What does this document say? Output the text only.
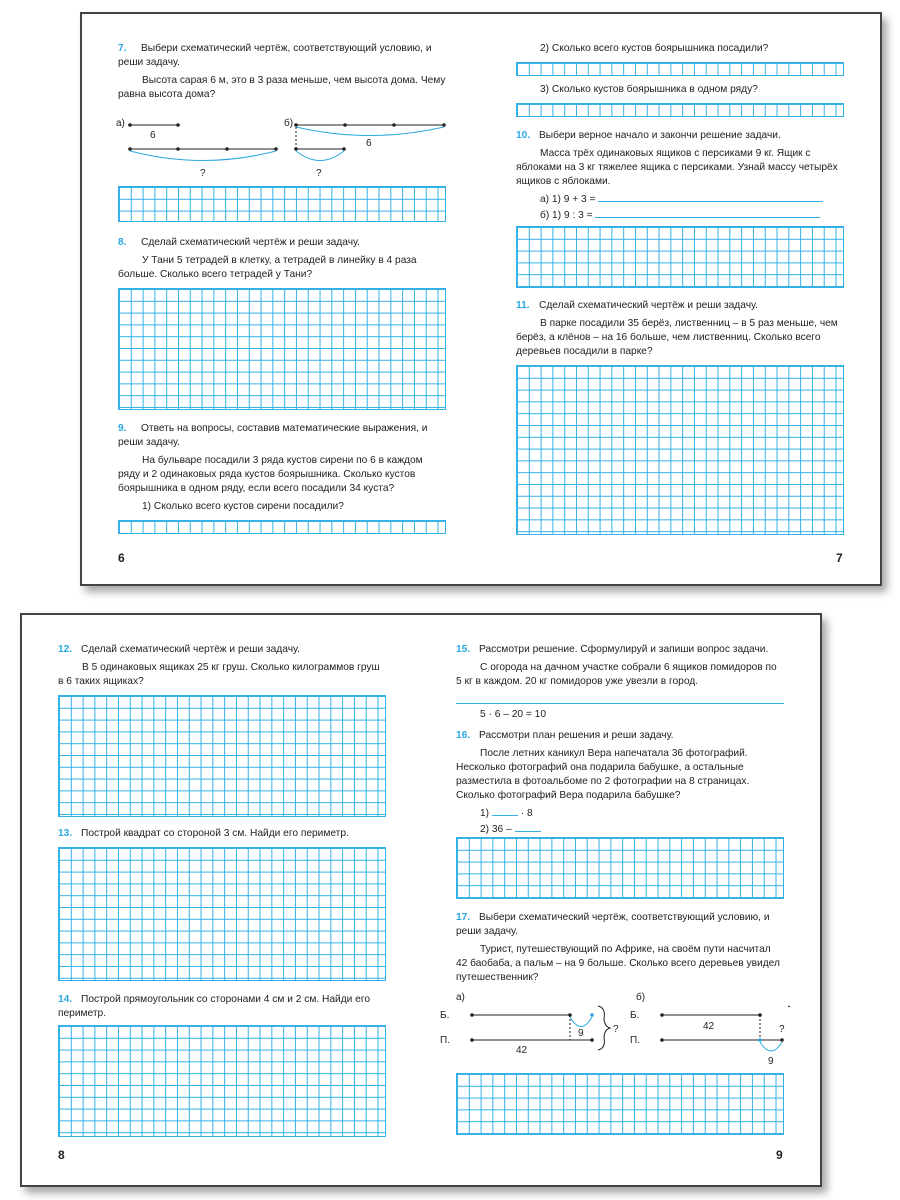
7. Выбери схематический чертёж, соответствующий условию, и реши задачу.
Высота сарая 6 м, это в 3 раза меньше, чем высота дома. Чему равна высота дома?
а)
6
?
б)
6
?
8. Сделай схематический чертёж и реши задачу.
У Тани 5 тетрадей в клетку, а тетрадей в линейку в 4 раза больше. Сколько всего тетрадей у Тани?
9. Ответь на вопросы, составив математические выражения, и реши задачу.
На бульваре посадили 3 ряда кустов сирени по 6 в каждом ряду и 2 одинаковых ряда кустов боярышника. Сколько кустов боярышника в одном ряду, если всего посадили 34 куста?
1) Сколько всего кустов сирени посадили?
6
2) Сколько всего кустов боярышника посадили?
3) Сколько кустов боярышника в одном ряду?
10. Выбери верное начало и закончи решение задачи.
Масса трёх одинаковых ящиков с персиками 9 кг. Ящик с яблоками на 3 кг тяжелее ящика с персиками. Узнай массу четырёх ящиков с яблоками.
а) 1) 9 + 3 =
б) 1) 9 : 3 =
11. Сделай схематический чертёж и реши задачу.
В парке посадили 35 берёз, лиственниц – в 5 раз меньше, чем берёз, а клёнов – на 16 больше, чем лиственниц. Сколько всего деревьев посадили в парке?
7
12. Сделай схематический чертёж и реши задачу.
В 5 одинаковых ящиках 25 кг груш. Сколько килограммов груш в 6 таких ящиках?
13. Построй квадрат со стороной 3 см. Найди его периметр.
14. Построй прямоугольник со сторонами 4 см и 2 см. Найди его периметр.
8
15. Рассмотри решение. Сформулируй и запиши вопрос задачи.
С огорода на дачном участке собрали 6 ящиков помидоров по 5 кг в каждом. 20 кг помидоров уже увезли в город.
5 · 6 – 20 = 10
16. Рассмотри план решения и реши задачу.
После летних каникул Вера напечатала 36 фотографий. Несколько фотографий она подарила бабушке, а остальные разместила в фотоальбоме по 2 фотографии на 8 страницах. Сколько фотографий Вера подарила бабушке?
1)	· 8
2) 36 –
17. Выбери схематический чертёж, соответствующий условию, и реши задачу.
Турист, путешествующий по Африке, на своём пути насчитал 42 баобаба, а пальм – на 9 больше. Сколько всего деревьев увидел путешественник?
а)
Б.
П.
9
42
?
б)
Б.
42
П.
9
?
9
